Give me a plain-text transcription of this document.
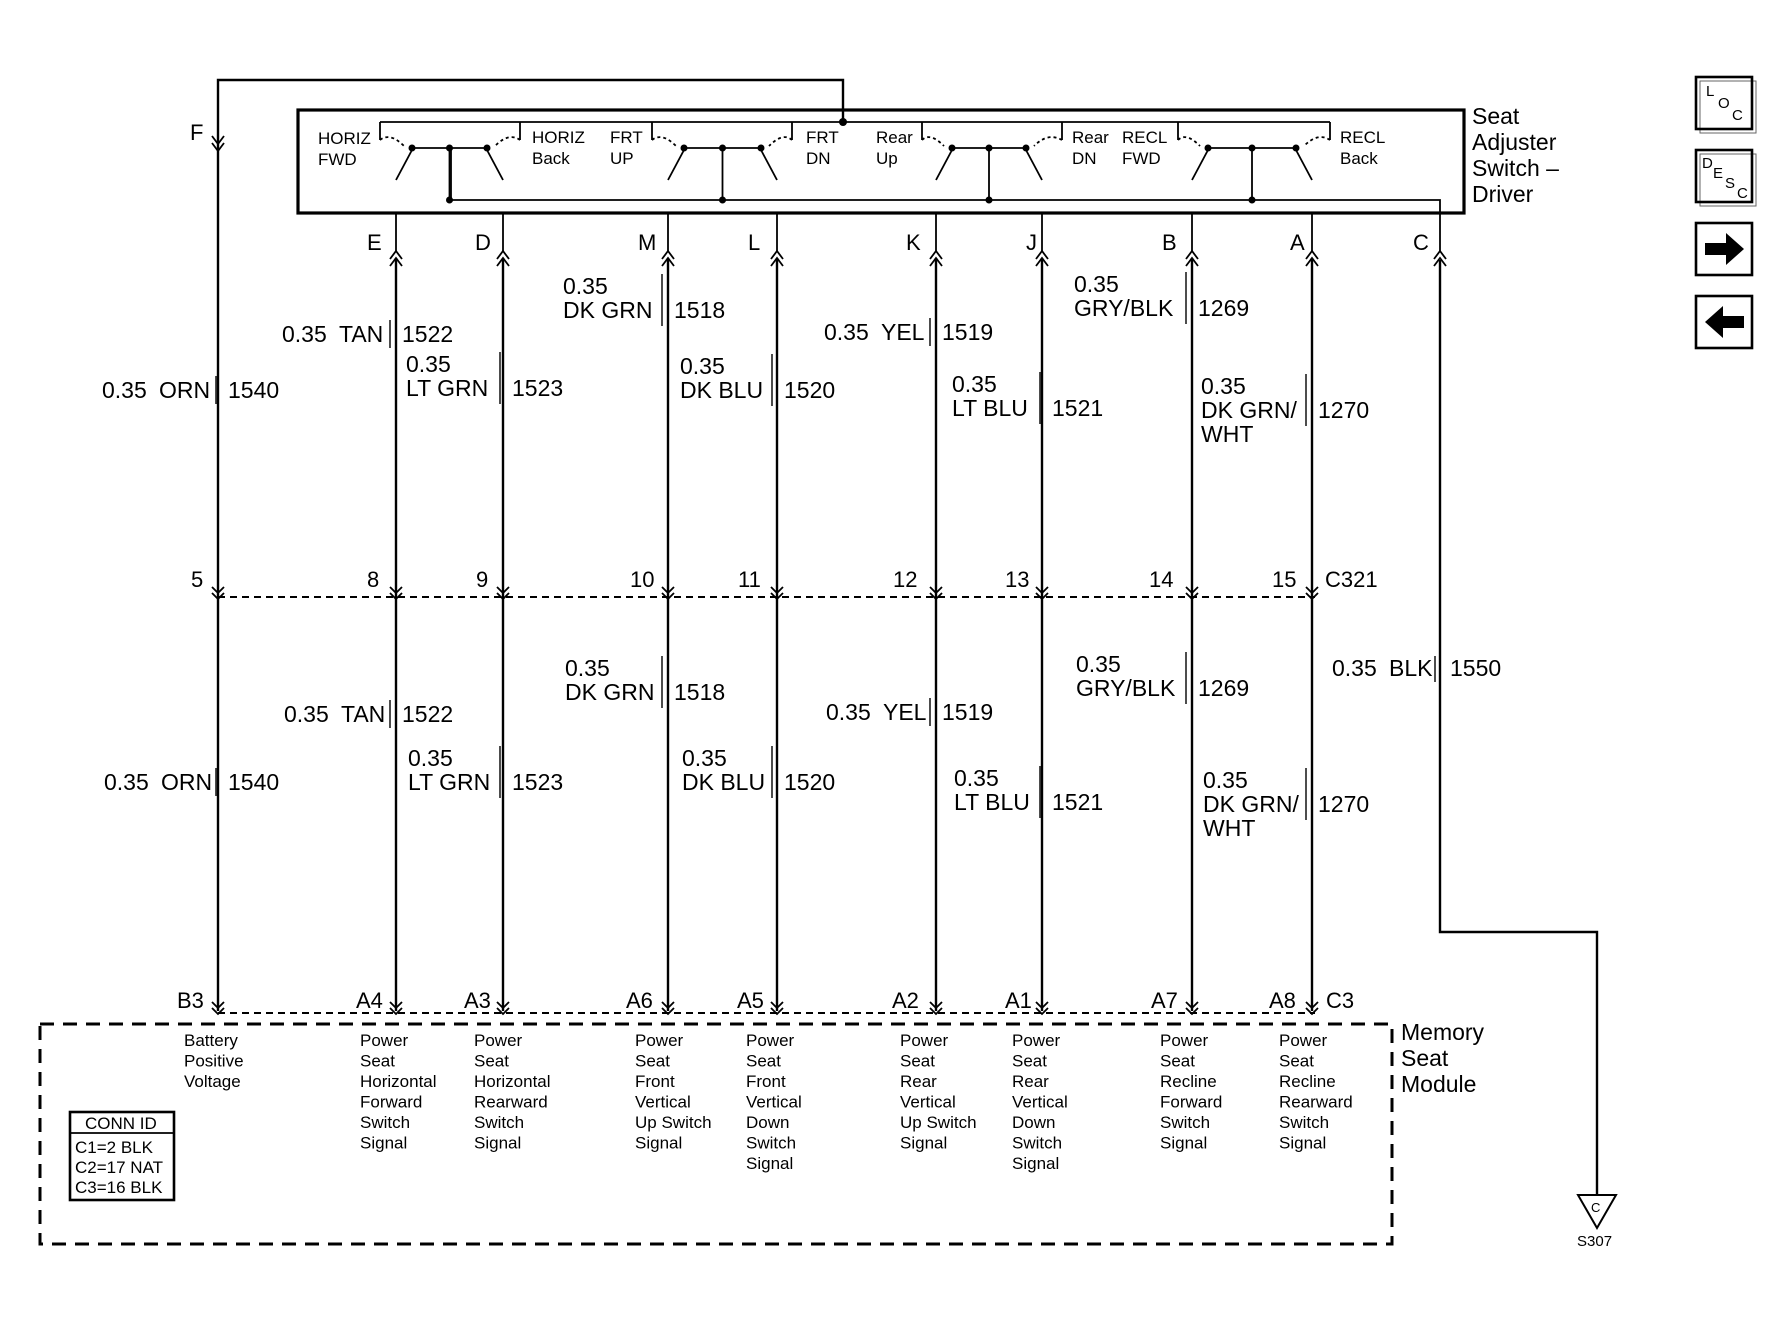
HORIZ
FWD
HORIZ
Back
FRT
UP
FRT
DN
Rear
Up
Rear
DN
RECL
FWD
RECL
Back
Seat
Adjuster
Switch –
Driver
F
E	D	M	L	K	J	B	A	C
5	8	9	10	11	12	13	14	15 C321
0.35 ORN 1540
0.35 TAN 1522
0.35
LT GRN 1523
0.35
DK GRN 1518
0.35
DK BLU 1520
0.35 YEL 1519
0.35
LT BLU 1521
0.35
GRY/BLK 1269
0.35
DK GRN/
WHT
1270
0.35 ORN 1540
0.35 TAN 1522
0.35
LT GRN 1523
0.35
DK GRN 1518
0.35
DK BLU 1520
0.35 YEL 1519
0.35
LT BLU 1521
0.35
GRY/BLK 1269
0.35
DK GRN/
WHT
1270
0.35 BLK 1550
C
S307
B3	A4	A3	A6	A5	A2	A1	A7	A8 C3
Memory
Seat
Module
Battery
Positive
Voltage
Power
Seat
Horizontal
Forward
Switch
Signal
Power
Seat
Horizontal
Rearward
Switch
Signal
Power
Seat
Front
Vertical
Up Switch
Signal
Power
Seat
Front
Vertical
Down
Switch
Signal
Power
Seat
Rear
Vertical
Up Switch
Signal
Power
Seat
Rear
Vertical
Down
Switch
Signal
Power
Seat
Recline
Forward
Switch
Signal
Power
Seat
Recline
Rearward
Switch
Signal
CONN ID
C1=2 BLK
C2=17 NAT
C3=16 BLK
L
O
C
D
E
S
C
